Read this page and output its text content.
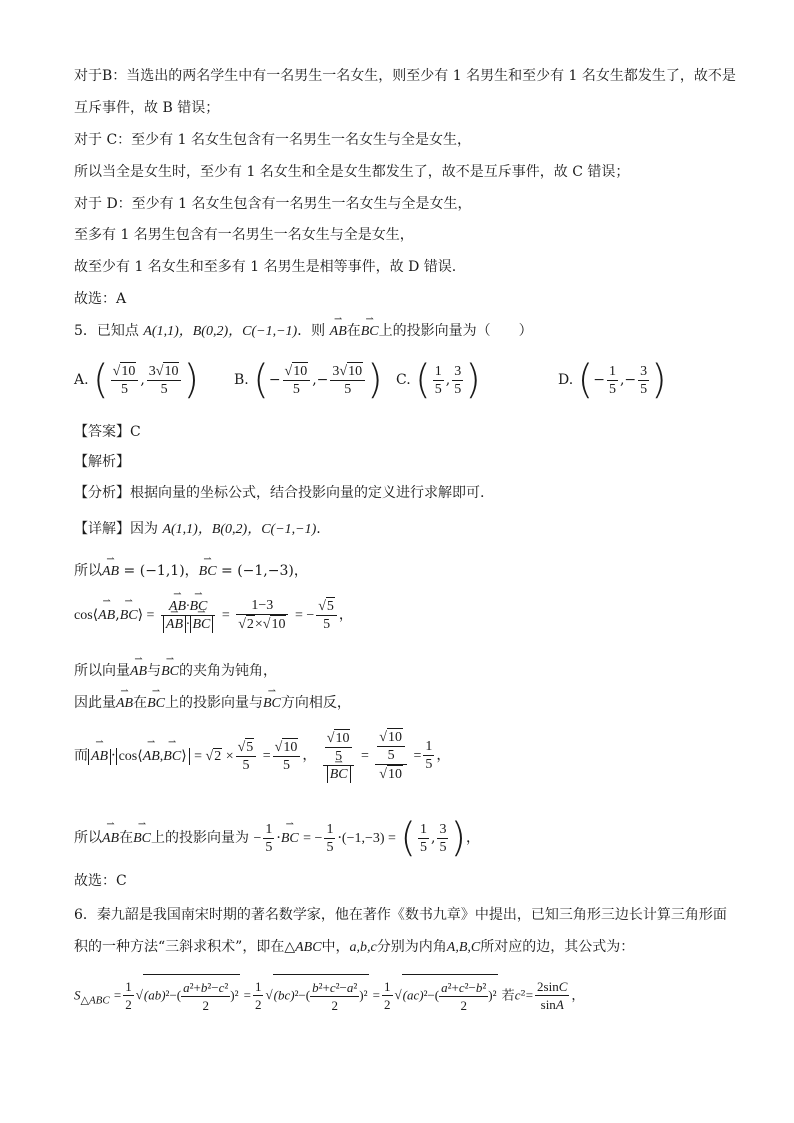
对于B：当选出的两名学生中有一名男生一名女生，则至少有 1 名男生和至少有 1 名女生都发生了，故不是
互斥事件，故 B 错误；
对于 C：至少有 1 名女生包含有一名男生一名女生与全是女生，
所以当全是女生时，至少有 1 名女生和全是女生都发生了，故不是互斥事件，故 C 错误；
对于 D：至少有 1 名女生包含有一名男生一名女生与全是女生，
至多有 1 名男生包含有一名男生一名女生与全是女生，
故至少有 1 名女生和至多有 1 名男生是相等事件，故 D 错误.
故选：A
5．已知点 A(1,1)，B(0,2)，C(−1,−1)．则 ⇀ AB在⇀ BC上的投影向量为（　　）
A. ( $\frac{√10}{5}$ , $\frac{3√10}{5}$ ) B. (− $\frac{√10}{5}$ ,− $\frac{3√10}{5}$ ) C. ( $\frac{1}{5}$ , $\frac{3}{5}$ )	D. (− $\frac{1}{5}$ ,− $\frac{3}{5}$ )
【答案】C
【解析】
【分析】根据向量的坐标公式，结合投影向量的定义进行求解即可.
【详解】因为 A(1,1)，B(0,2)，C(−1,−1).
所以⇀ AB = (−1,1)，⇀ BC = (−1,−3)，
cos⟨⇀ AB,⇀ BC⟩ = ⇀ AB·⇀ BC
⇀ AB · ⇀ BC = $\frac{1-3}{√2\times√10}$ = − $\frac{√5}{5}$ ，
所以向量⇀ AB与⇀ BC的夹角为钝角，
因此量⇀ AB在⇀ BC上的投影向量与⇀ BC方向相反，
而 ⇀ AB · cos⟨⇀ AB,⇀ BC⟩ = $√2 \times \frac{√5}{5} = \frac{√10}{5}$ ， $\frac{√10}{5}$
⇀ BC = $\frac{\frac{√10}{5}}{√10} = \frac{1}{5}$ ，
所以⇀ AB在⇀ BC上的投影向量为 − $\frac{1}{5}$ ·⇀ BC = − $\frac{1}{5} \cdot(-1,-3)$ = ( $\frac{1}{5}$ , $\frac{3}{5}$ )，
故选：C
6．秦九韶是我国南宋时期的著名数学家，他在著作《数书九章》中提出，已知三角形三边长计算三角形面
积的一种方法“三斜求积术”，即在△ABC中，a,b,c分别为内角A,B,C所对应的边，其公式为：
$S_{\triangle ABC} = \frac{1}{2} √(ab)^2-( \frac{\text{a²+b²−c²}}{2} )^2 = \frac{1}{2} √(bc)^2-( \frac{\text{b²+c²−a²}}{2} )^2 = \frac{1}{2} √(ac)^2-( \frac{\text{a²+c²−b²}}{2} )^2$ 若$c^2= \frac{2\sin C}{\sin A}$ ，
